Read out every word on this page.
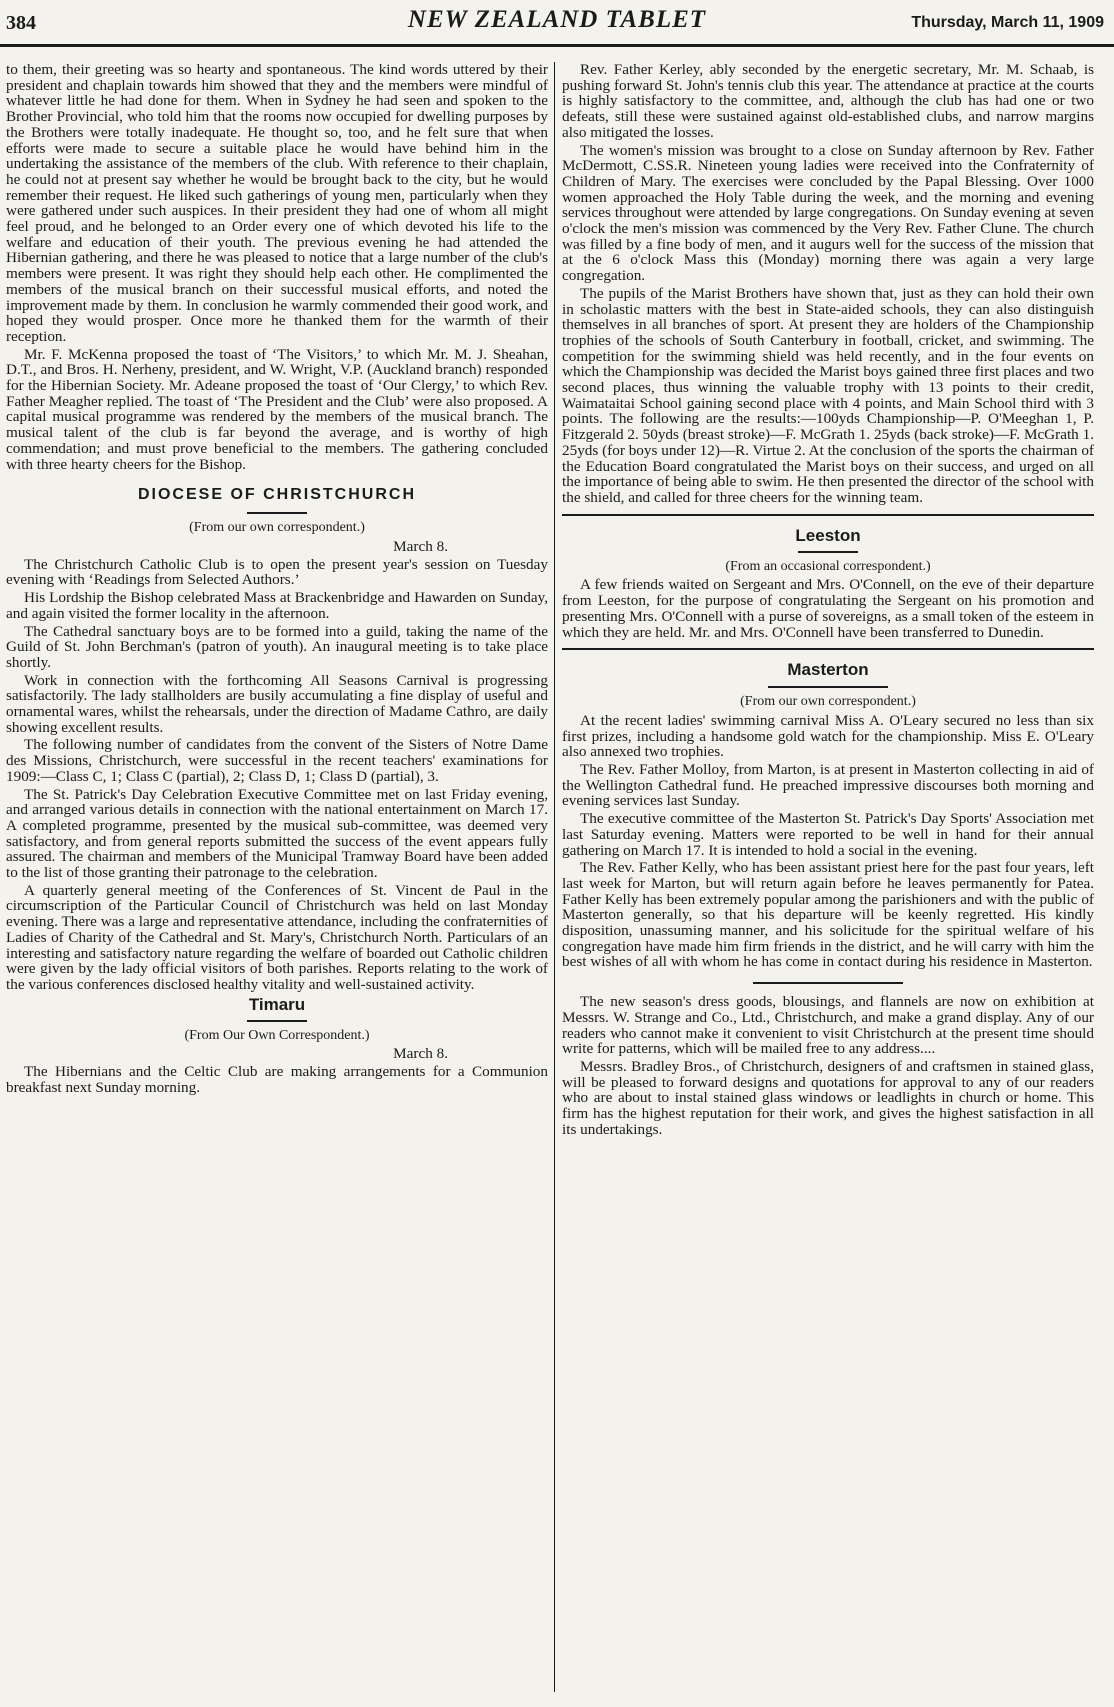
384	NEW ZEALAND TABLET	Thursday, March 11, 1909

to them, their greeting was so hearty and spontaneous. The kind words uttered by their president and chaplain towards him showed that they and the members were mindful of whatever little he had done for them. When in Sydney he had seen and spoken to the Brother Provincial, who told him that the rooms now occupied for dwelling purposes by the Brothers were totally inadequate. He thought so, too, and he felt sure that when efforts were made to secure a suitable place he would have behind him in the undertaking the assistance of the members of the club. With reference to their chaplain, he could not at present say whether he would be brought back to the city, but he would remember their request. He liked such gatherings of young men, particularly when they were gathered under such auspices. In their president they had one of whom all might feel proud, and he belonged to an Order every one of which devoted his life to the welfare and education of their youth. The previous evening he had attended the Hibernian gathering, and there he was pleased to notice that a large number of the club's members were present. It was right they should help each other. He complimented the members of the musical branch on their successful musical efforts, and noted the improvement made by them. In conclusion he warmly commended their good work, and hoped they would prosper. Once more he thanked them for the warmth of their reception.

Mr. F. McKenna proposed the toast of ‘The Visitors,’ to which Mr. M. J. Sheahan, D.T., and Bros. H. Nerheny, president, and W. Wright, V.P. (Auckland branch) responded for the Hibernian Society. Mr. Adeane proposed the toast of ‘Our Clergy,’ to which Rev. Father Meagher replied. The toast of ‘The President and the Club’ were also proposed. A capital musical programme was rendered by the members of the musical branch. The musical talent of the club is far beyond the average, and is worthy of high commendation; and must prove beneficial to the members. The gathering concluded with three hearty cheers for the Bishop.

DIOCESE OF CHRISTCHURCH

(From our own correspondent.)

March 8.

The Christchurch Catholic Club is to open the present year's session on Tuesday evening with ‘Readings from Selected Authors.’

His Lordship the Bishop celebrated Mass at Brackenbridge and Hawarden on Sunday, and again visited the former locality in the afternoon.

The Cathedral sanctuary boys are to be formed into a guild, taking the name of the Guild of St. John Berchman's (patron of youth). An inaugural meeting is to take place shortly.

Work in connection with the forthcoming All Seasons Carnival is progressing satisfactorily. The lady stallholders are busily accumulating a fine display of useful and ornamental wares, whilst the rehearsals, under the direction of Madame Cathro, are daily showing excellent results.

The following number of candidates from the convent of the Sisters of Notre Dame des Missions, Christchurch, were successful in the recent teachers' examinations for 1909:—Class C, 1; Class C (partial), 2; Class D, 1; Class D (partial), 3.

The St. Patrick's Day Celebration Executive Committee met on last Friday evening, and arranged various details in connection with the national entertainment on March 17. A completed programme, presented by the musical sub-committee, was deemed very satisfactory, and from general reports submitted the success of the event appears fully assured. The chairman and members of the Municipal Tramway Board have been added to the list of those granting their patronage to the celebration.

A quarterly general meeting of the Conferences of St. Vincent de Paul in the circumscription of the Particular Council of Christchurch was held on last Monday evening. There was a large and representative attendance, including the confraternities of Ladies of Charity of the Cathedral and St. Mary's, Christchurch North. Particulars of an interesting and satisfactory nature regarding the welfare of boarded out Catholic children were given by the lady official visitors of both parishes. Reports relating to the work of the various conferences disclosed healthy vitality and well-sustained activity.

Timaru

(From Our Own Correspondent.)

March 8.

The Hibernians and the Celtic Club are making arrangements for a Communion breakfast next Sunday morning.

Rev. Father Kerley, ably seconded by the energetic secretary, Mr. M. Schaab, is pushing forward St. John's tennis club this year. The attendance at practice at the courts is highly satisfactory to the committee, and, although the club has had one or two defeats, still these were sustained against old-established clubs, and narrow margins also mitigated the losses.

The women's mission was brought to a close on Sunday afternoon by Rev. Father McDermott, C.SS.R. Nineteen young ladies were received into the Confraternity of Children of Mary. The exercises were concluded by the Papal Blessing. Over 1000 women approached the Holy Table during the week, and the morning and evening services throughout were attended by large congregations. On Sunday evening at seven o'clock the men's mission was commenced by the Very Rev. Father Clune. The church was filled by a fine body of men, and it augurs well for the success of the mission that at the 6 o'clock Mass this (Monday) morning there was again a very large congregation.

The pupils of the Marist Brothers have shown that, just as they can hold their own in scholastic matters with the best in State-aided schools, they can also distinguish themselves in all branches of sport. At present they are holders of the Championship trophies of the schools of South Canterbury in football, cricket, and swimming. The competition for the swimming shield was held recently, and in the four events on which the Championship was decided the Marist boys gained three first places and two second places, thus winning the valuable trophy with 13 points to their credit, Waimataitai School gaining second place with 4 points, and Main School third with 3 points. The following are the results:—100yds Championship—P. O'Meeghan 1, P. Fitzgerald 2. 50yds (breast stroke)—F. McGrath 1. 25yds (back stroke)—F. McGrath 1. 25yds (for boys under 12)—R. Virtue 2. At the conclusion of the sports the chairman of the Education Board congratulated the Marist boys on their success, and urged on all the importance of being able to swim. He then presented the director of the school with the shield, and called for three cheers for the winning team.

Leeston

(From an occasional correspondent.)

A few friends waited on Sergeant and Mrs. O'Connell, on the eve of their departure from Leeston, for the purpose of congratulating the Sergeant on his promotion and presenting Mrs. O'Connell with a purse of sovereigns, as a small token of the esteem in which they are held. Mr. and Mrs. O'Connell have been transferred to Dunedin.

Masterton

(From our own correspondent.)

At the recent ladies' swimming carnival Miss A. O'Leary secured no less than six first prizes, including a handsome gold watch for the championship. Miss E. O'Leary also annexed two trophies.

The Rev. Father Molloy, from Marton, is at present in Masterton collecting in aid of the Wellington Cathedral fund. He preached impressive discourses both morning and evening services last Sunday.

The executive committee of the Masterton St. Patrick's Day Sports' Association met last Saturday evening. Matters were reported to be well in hand for their annual gathering on March 17. It is intended to hold a social in the evening.

The Rev. Father Kelly, who has been assistant priest here for the past four years, left last week for Marton, but will return again before he leaves permanently for Patea. Father Kelly has been extremely popular among the parishioners and with the public of Masterton generally, so that his departure will be keenly regretted. His kindly disposition, unassuming manner, and his solicitude for the spiritual welfare of his congregation have made him firm friends in the district, and he will carry with him the best wishes of all with whom he has come in contact during his residence in Masterton.

The new season's dress goods, blousings, and flannels are now on exhibition at Messrs. W. Strange and Co., Ltd., Christchurch, and make a grand display. Any of our readers who cannot make it convenient to visit Christchurch at the present time should write for patterns, which will be mailed free to any address....

Messrs. Bradley Bros., of Christchurch, designers of and craftsmen in stained glass, will be pleased to forward designs and quotations for approval to any of our readers who are about to instal stained glass windows or leadlights in church or home. This firm has the highest reputation for their work, and gives the highest satisfaction in all its undertakings.
